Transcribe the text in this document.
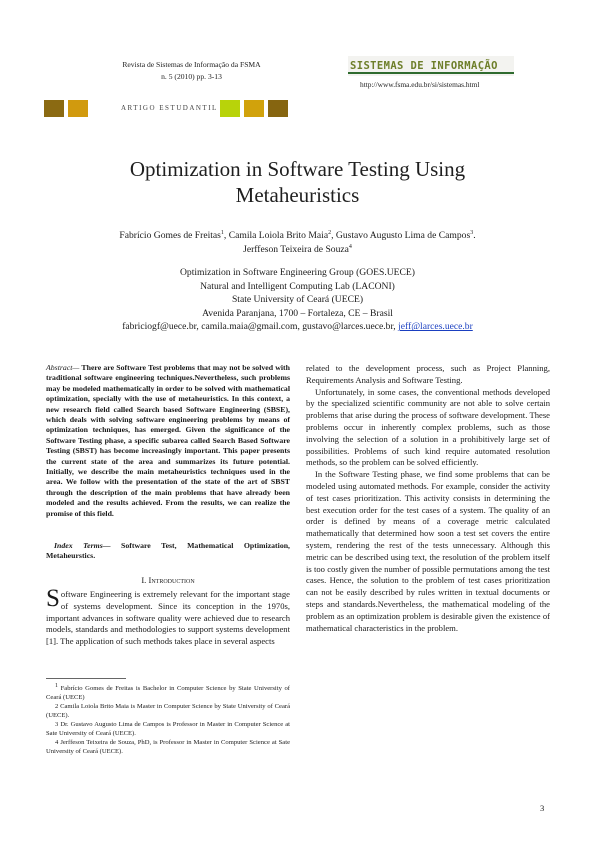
Revista de Sistemas de Informação da FSMA
n. 5 (2010) pp. 3-13
SISTEMAS DE INFORMAÇÃO
http://www.fsma.edu.br/si/sistemas.html
ARTIGO ESTUDANTIL
Optimization in Software Testing Using
Metaheuristics
Fabrício Gomes de Freitas$^1$, Camila Loiola Brito Maia$^2$, Gustavo Augusto Lima de Campos$^3$.
Jerffeson Teixeira de Souza$^4$
Optimization in Software Engineering Group (GOES.UECE)
Natural and Intelligent Computing Lab (LACONI)
State University of Ceará (UECE)
Avenida Paranjana, 1700 – Fortaleza, CE – Brasil
fabriciogf@uece.br, camila.maia@gmail.com, gustavo@larces.uece.br, jeff@larces.uece.br
Abstract— There are Software Test problems that may not be solved with traditional software engineering techniques.Nevertheless, such problems may be modeled mathematically in order to be solved with mathematical optimization, specially with the use of metaheuristics. In this context, a new research field called Search based Software Engineering (SBSE), which deals with solving software engineering problems by means of optimization techniques, has emerged. Given the significance of the Software Testing phase, a specific subarea called Search Based Software Testing (SBST) has become increasingly important. This paper presents the current state of the area and summarizes its future potential. Initially, we describe the main metaheuristics techniques used in the area. We follow with the presentation of the state of the art of SBST through the description of the main problems that have already been modeled and the results achieved. From the results, we can realize the promise of this field.
Index Terms— Software Test, Mathematical Optimization, Metaheurstics.
I. Introduction
S oftware Engineering is extremely relevant for the important stage of systems development. Since its conception in the 1970s, important advances in software quality were achieved due to research models, standards and methodologies to support systems development [1]. The application of such methods takes place in several aspects

$^1$ Fabrício Gomes de Freitas is Bachelor in Computer Science by State University of Ceará (UECE)

2 Camila Loiola Brito Maia is Master in Computer Science by State University of Ceará (UECE).

3 Dr. Gustavo Augusto Lima de Campos is Professor in Master in Computer Science at Sate University of Ceará (UECE).

4 Jerffeson Teixeira de Souza, PhD, is Professor in Master in Computer Science at Sate University of Ceará (UECE).

related to the development process, such as Project Planning, Requirements Analysis and Software Testing.

Unfortunately, in some cases, the conventional methods developed by the specialized scientific community are not able to solve certain problems that arise during the process of software development. These problems occur in inherently complex problems, such as those involving the selection of a solution in a prohibitively large set of possibilities. Problems of such kind require automated resolution methods, so the problem can be solved efficiently.

In the Software Testing phase, we find some problems that can be modeled using automated methods. For example, consider the activity of test cases prioritization. This activity consists in determining the best execution order for the test cases of a system. The quality of an order is defined by means of a coverage metric calculated mathematically that determined how soon a test set covers the entire system, rendering the rest of the tests unnecessary. Although this metric can be described using text, the resolution of the problem itself is too costly given the number of possible permutations among the test cases. Hence, the solution to the problem of test cases prioritization can not be easily described by rules written in textual documents or steps and standards.Nevertheless, the mathematical modeling of the problem as an optimization problem is desirable given the existence of mathematical characteristics in the problem.

3
